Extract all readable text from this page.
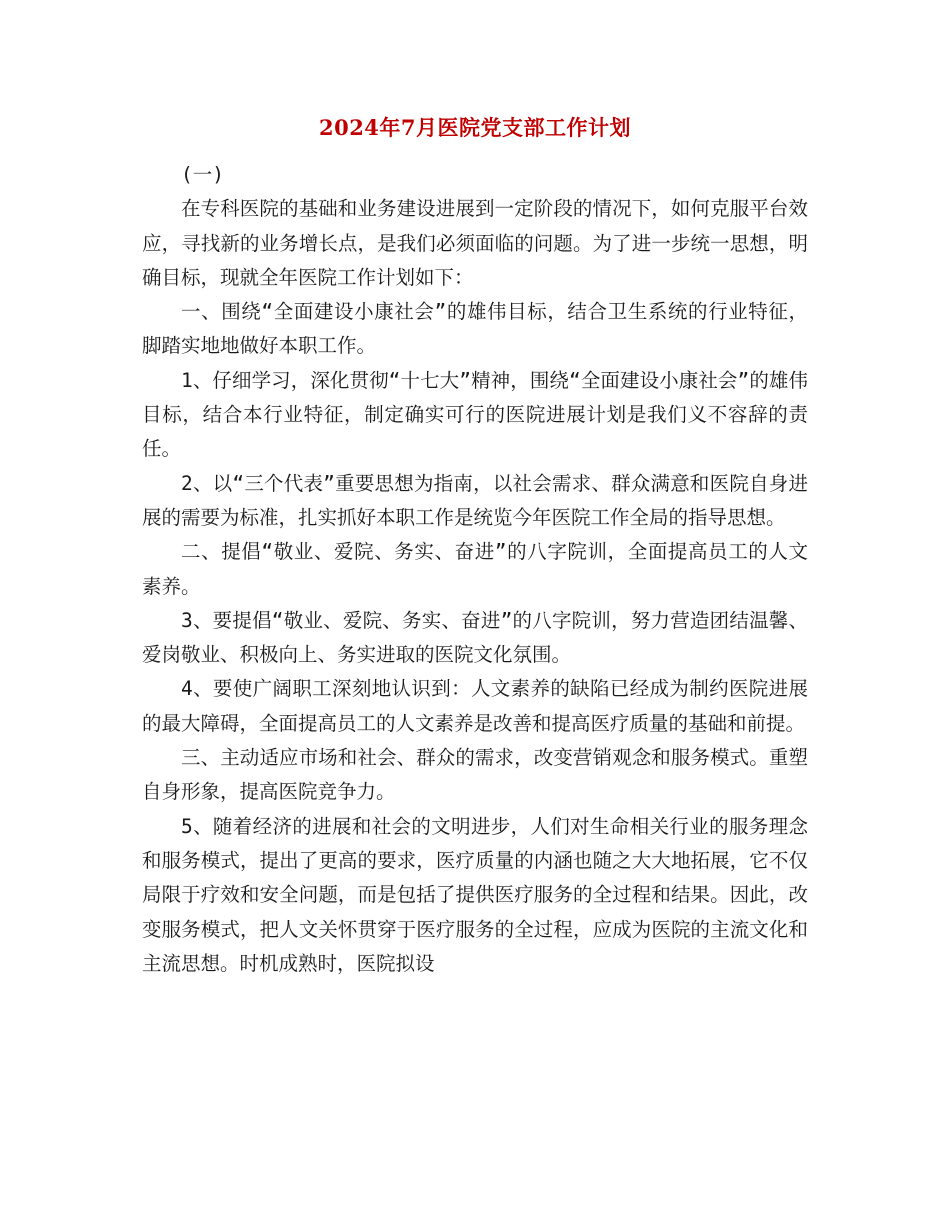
2024年7月医院党支部工作计划

(一)

在专科医院的基础和业务建设进展到一定阶段的情况下，如何克服平台效应，寻找新的业务增长点，是我们必须面临的问题。为了进一步统一思想，明确目标，现就全年医院工作计划如下：

一、围绕“全面建设小康社会”的雄伟目标，结合卫生系统的行业特征，脚踏实地地做好本职工作。

1、仔细学习，深化贯彻“十七大”精神，围绕“全面建设小康社会”的雄伟目标，结合本行业特征，制定确实可行的医院进展计划是我们义不容辞的责任。

2、以“三个代表”重要思想为指南，以社会需求、群众满意和医院自身进展的需要为标准，扎实抓好本职工作是统览今年医院工作全局的指导思想。

二、提倡“敬业、爱院、务实、奋进”的八字院训，全面提高员工的人文素养。

3、要提倡“敬业、爱院、务实、奋进”的八字院训，努力营造团结温馨、爱岗敬业、积极向上、务实进取的医院文化氛围。

4、要使广阔职工深刻地认识到：人文素养的缺陷已经成为制约医院进展的最大障碍，全面提高员工的人文素养是改善和提高医疗质量的基础和前提。

三、主动适应市场和社会、群众的需求，改变营销观念和服务模式。重塑自身形象，提高医院竞争力。

5、随着经济的进展和社会的文明进步，人们对生命相关行业的服务理念和服务模式，提出了更高的要求，医疗质量的内涵也随之大大地拓展，它不仅局限于疗效和安全问题，而是包括了提供医疗服务的全过程和结果。因此，改变服务模式，把人文关怀贯穿于医疗服务的全过程，应成为医院的主流文化和主流思想。时机成熟时，医院拟设
